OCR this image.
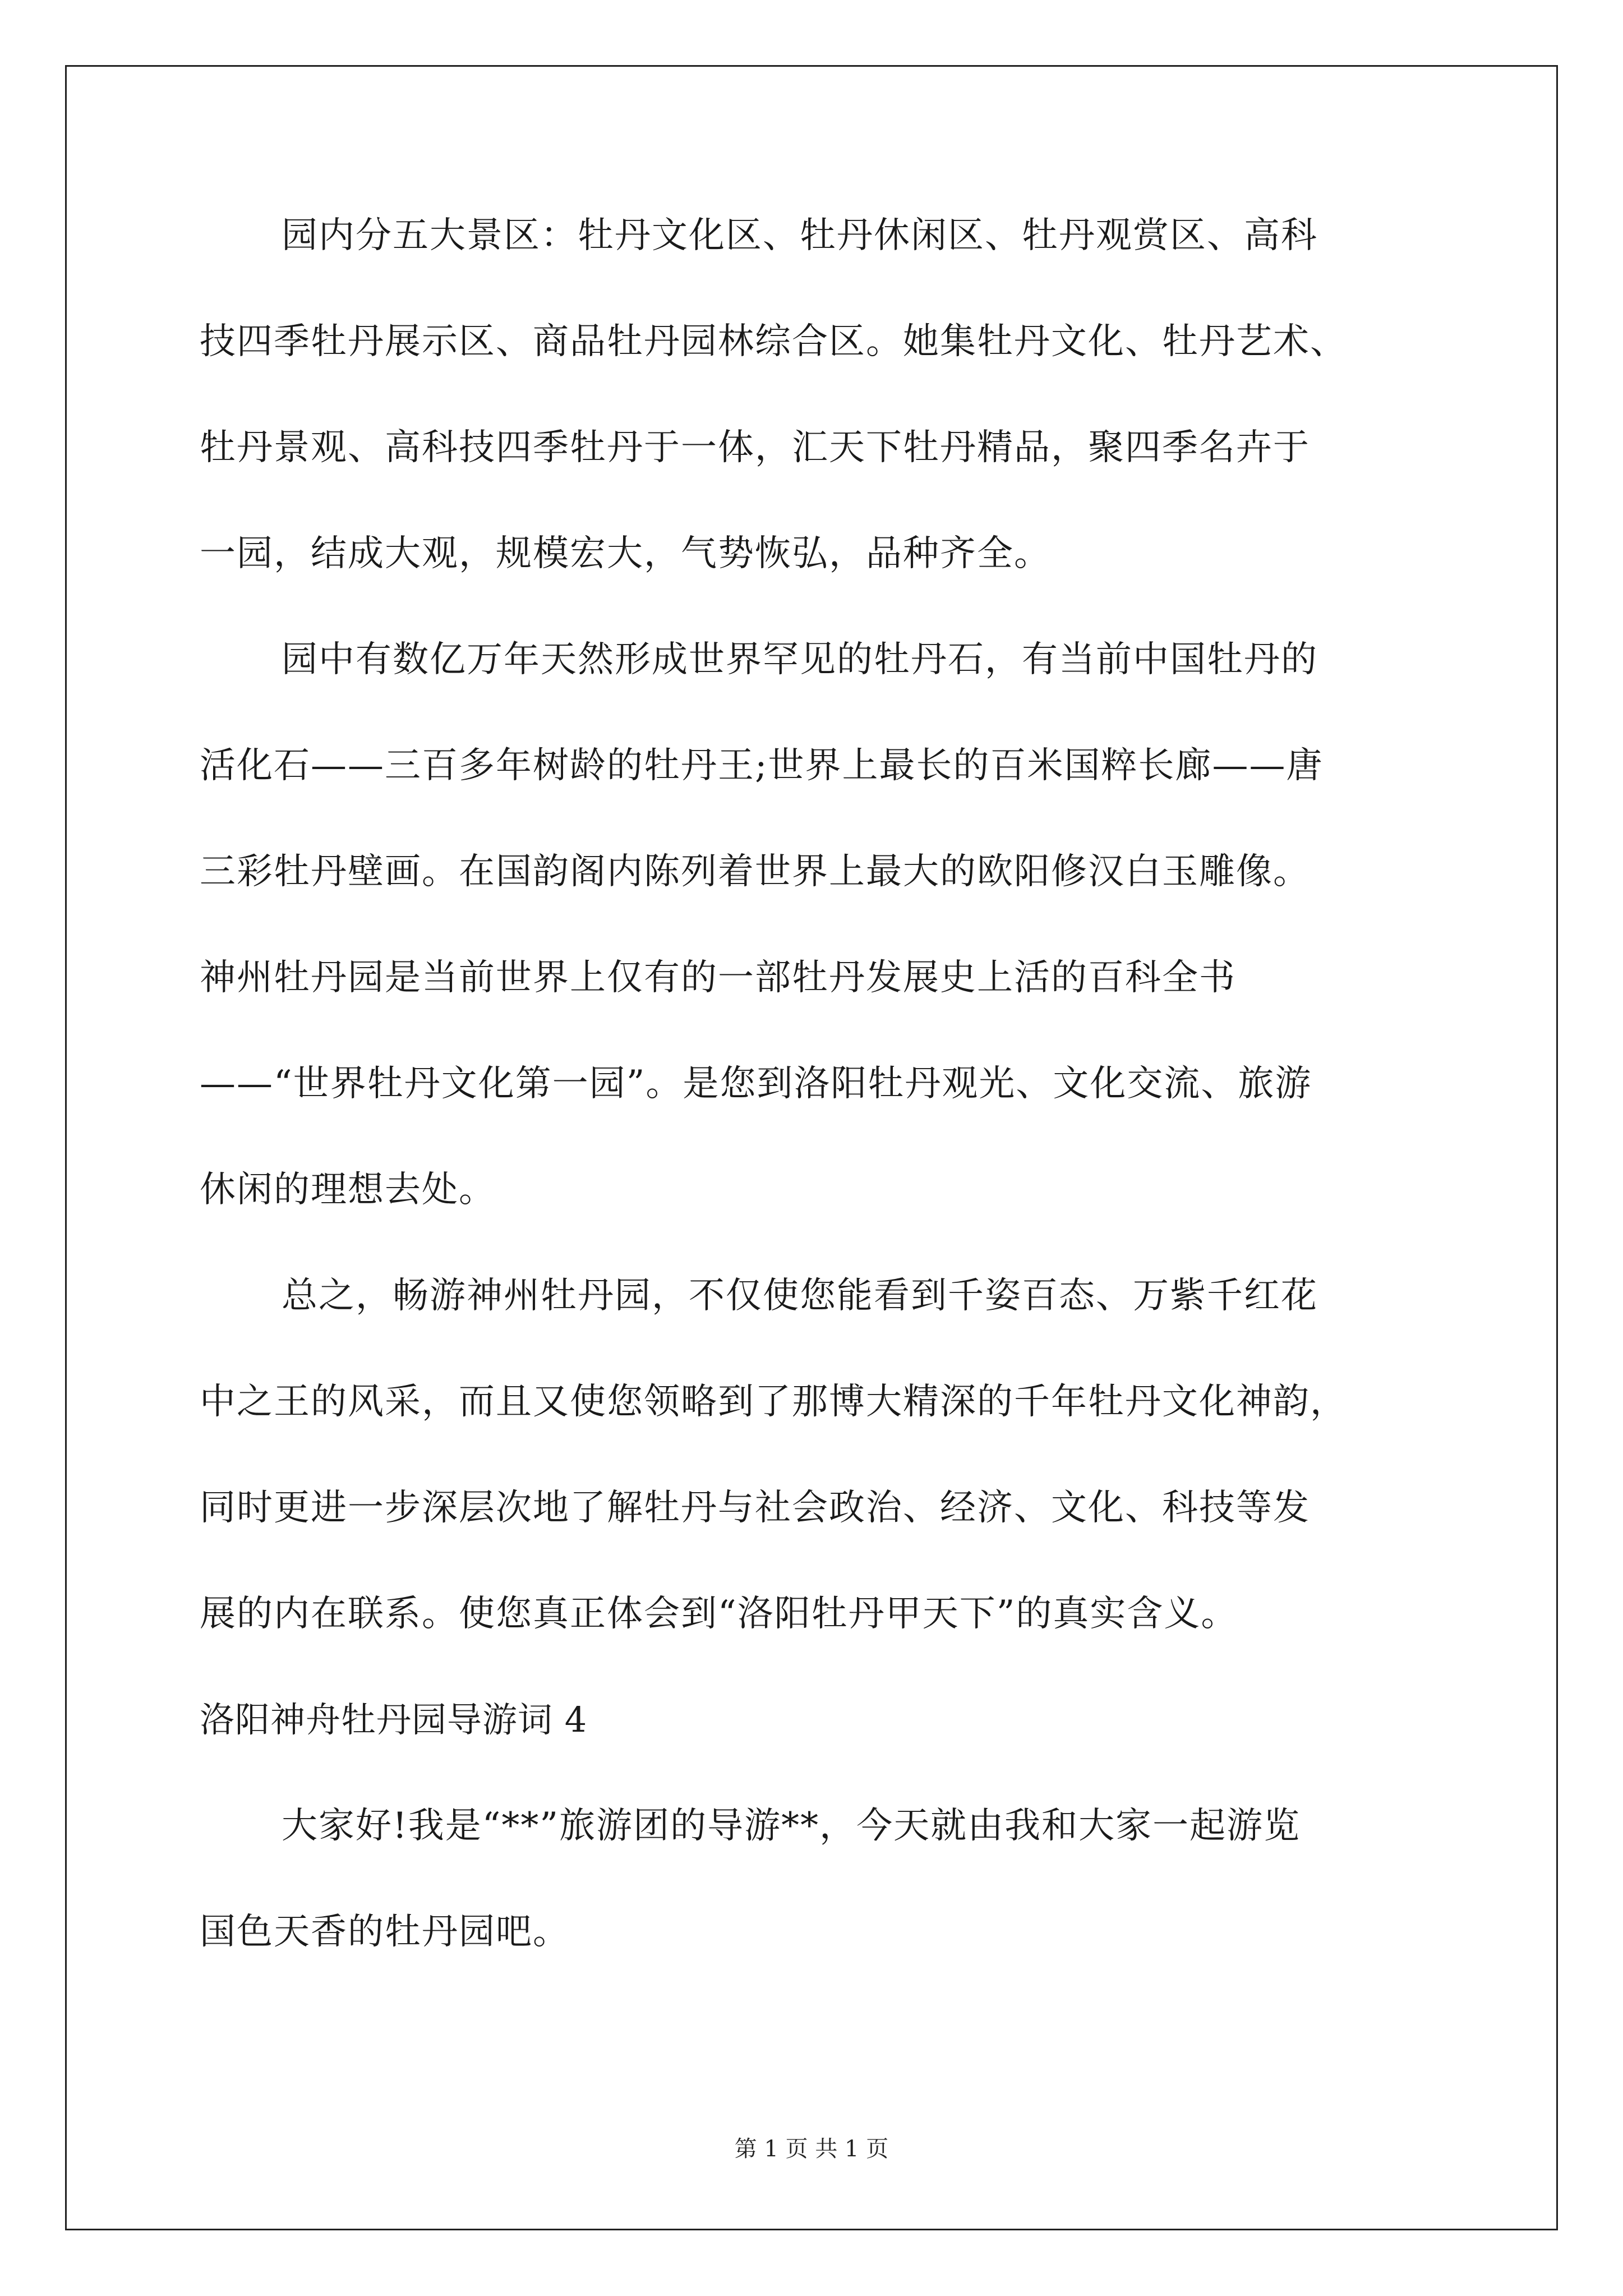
园内分五大景区：牡丹文化区、牡丹休闲区、牡丹观赏区、高科
技四季牡丹展示区、商品牡丹园林综合区。她集牡丹文化、牡丹艺术、
牡丹景观、高科技四季牡丹于一体，汇天下牡丹精品，聚四季名卉于
一园，结成大观，规模宏大，气势恢弘，品种齐全。
园中有数亿万年天然形成世界罕见的牡丹石，有当前中国牡丹的
活化石——三百多年树龄的牡丹王;世界上最长的百米国粹长廊——唐
三彩牡丹壁画。在国韵阁内陈列着世界上最大的欧阳修汉白玉雕像。
神州牡丹园是当前世界上仅有的一部牡丹发展史上活的百科全书
——“世界牡丹文化第一园”。是您到洛阳牡丹观光、文化交流、旅游
休闲的理想去处。
总之，畅游神州牡丹园，不仅使您能看到千姿百态、万紫千红花
中之王的风采，而且又使您领略到了那博大精深的千年牡丹文化神韵，
同时更进一步深层次地了解牡丹与社会政治、经济、文化、科技等发
展的内在联系。使您真正体会到“洛阳牡丹甲天下”的真实含义。
洛阳神舟牡丹园导游词 4
大家好!我是“**”旅游团的导游**，今天就由我和大家一起游览
国色天香的牡丹园吧。
第 1 页 共 1 页
